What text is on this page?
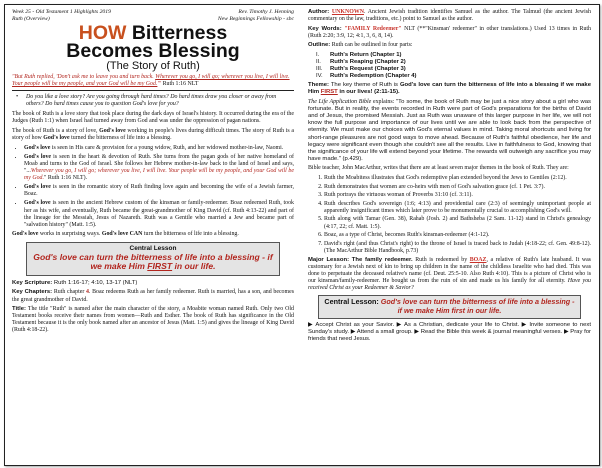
Week 25 - Old Testament 1 Highlights 2019
Ruth (Overview)
Rev. Timothy J. Henning
New Beginnings Fellowship - sbc
HOW Bitterness
Becomes Blessing
(The Story of Ruth)
"But Ruth replied, 'Don't ask me to leave you and turn back. Wherever you go, I will go; wherever you live, I will live. Your people will be my people, and your God will be my God.'" Ruth 1:16 NLT
• Do you like a love story? Are you going through hard times? Do hard times draw you closer or away from others? Do hard times cause you to question God's love for you?

The book of Ruth is a love story that took place during the dark days of Israel's history. It occurred during the era of the Judges (Ruth 1:1) when Israel had turned away from God and was under the oppression of pagan nations.

The book of Ruth is a story of love, God's love working in people's lives during difficult times. The story of Ruth is a story of how God's love turned the bitterness of life into a blessing.

• God's love is seen in His care & provision for a young widow, Ruth, and her widowed mother-in-law, Naomi.
• God's love is seen in the heart & devotion of Ruth. She turns from the pagan gods of her native homeland of Moab and turns to the God of Israel. She follows her Hebrew mother-in-law back to the land of Israel and says, "...Wherever you go, I will go; wherever you live, I will live. Your people will be my people, and your God will be my God." Ruth 1:16 NLT).
• God's love is seen in the romantic story of Ruth finding love again and becoming the wife of a Jewish farmer, Boaz.
• God's love is seen in the ancient Hebrew custom of the kinsman or family-redeemer. Boaz redeemed Ruth, took her as his wife, and eventually, Ruth became the great-grandmother of King David (cf. Ruth 4:13-22) and part of the lineage for the Messiah, Jesus of Nazareth. Ruth was a Gentile who married a Jew and became part of "salvation history" (Matt. 1:5).

God's love works in surprising ways. God's love CAN turn the bitterness of life into a blessing.

Central Lesson
God's love can turn the bitterness of life into a blessing - if we make Him FIRST in our life.

Key Scripture: Ruth 1:16-17; 4:10, 13-17 (NLT)

Key Chapters: Ruth chapter 4. Boaz redeems Ruth as her family redeemer. Ruth is married, has a son, and becomes the great grandmother of David.

Title: The title "Ruth" is named after the main character of the story, a Moabite woman named Ruth. Only two Old Testament books receive their names from women—Ruth and Esther. The book of Ruth has significance in the Old Testament because it is the only book named after an ancestor of Jesus (Matt. 1:5) and gives the lineage of King David (Ruth 4:18-22).

Author: UNKNOWN. Ancient Jewish tradition identifies Samuel as the author. The Talmud (the ancient Jewish commentary on the law, traditions, etc.) point to Samuel as the author.

Key Words: "FAMILY Redeemer" NLT (**"Kinsman' redeemer" in other translations.) Used 13 times in Ruth (Ruth 2:20; 3:9, 12; 4:1, 3, 6, 8, 14).

Outline: Ruth can be outlined in four parts:

I.	Ruth's Return (Chapter 1)
II.	Ruth's Reaping (Chapter 2)
III.	Ruth's Request (Chapter 3)
IV.	Ruth's Redemption (Chapter 4)

Theme: The key theme of Ruth is God's love can turn the bitterness of life into a blessing if we make Him FIRST in our lives! (2:11-15).

The Life Application Bible explains: "To some, the book of Ruth may be just a nice story about a girl who was fortunate. But in reality, the events recorded in Ruth were part of God's preparations for the births of David and of Jesus, the promised Messiah. Just as Ruth was unaware of this larger purpose in her life, we will not know the full purpose and importance of our lives until we are able to look back from the perspective of eternity. We must make our choices with God's eternal values in mind. Taking moral shortcuts and living for short-range pleasures are not good ways to move ahead. Because of Ruth's faithful obedience, her life and legacy were significant even though she couldn't see all the results. Live in faithfulness to God, knowing that the significance of your life will extend beyond your lifetime. The rewards will outweigh any sacrifice you may have made." (p.429).

Bible teacher, John MacArthur, writes that there are at least seven major themes in the book of Ruth. They are:

1. Ruth the Moabitess illustrates that God's redemptive plan extended beyond the Jews to Gentiles (2:12).
2. Ruth demonstrates that women are co-heirs with men of God's salvation grace (cf. 1 Pet. 3:7).
3. Ruth portrays the virtuous woman of Proverbs 31:10 (cf. 3:11).
4. Ruth describes God's sovereign (1:6; 4:13) and providential care (2:3) of seemingly unimportant people at apparently insignificant times which later prove to be monumentally crucial to accomplishing God's will.
5. Ruth along with Tamar (Gen. 38), Rahab (Josh. 2) and Bathsheba (2 Sam. 11-12) stand in Christ's genealogy (4:17, 22; cf. Matt. 1:5).
6. Boaz, as a type of Christ, becomes Ruth's kinsman-redeemer (4:1-12).
7. David's right (and thus Christ's right) to the throne of Israel is traced back to Judah (4:18-22; cf. Gen. 49:8-12). (The MacArthur Bible Handbook, p.73)

Major Lesson: The family redeemer. Ruth is redeemed by BOAZ, a relative of Ruth's late husband. It was customary for a Jewish next of kin to bring up children in the name of the childless Israelite who had died. This was done to perpetuate the deceased relative's name (cf. Deut. 25:5-10. Also Ruth 4:10). This is a picture of Christ who is our kinsman/family-redeemer. He bought us from the ruin of sin and made us his family for all eternity. Have you received Christ as your Redeemer & Savior?

Central Lesson: God's love can turn the bitterness of life into a blessing - if we make Him first in our life.
▶ Accept Christ as your Savior. ▶ As a Christian, dedicate your life to Christ. ▶ Invite someone to next Sunday's study. ▶ Attend a small group. ▶ Read the Bible this week & journal meaningful verses. ▶ Pray for friends that need Jesus.
